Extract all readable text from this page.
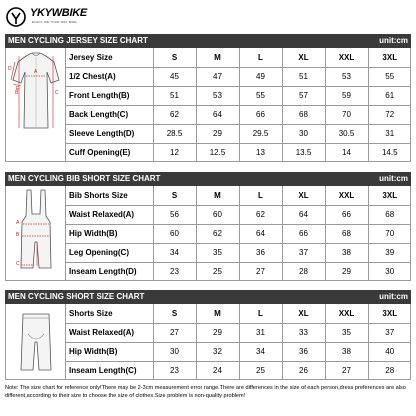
YKYWBIKE
ENJOY WE YOUR WAY RIDE
MEN CYCLING JERSEY SIZE CHART	unit:cm
A
B	C
D
E
Jersey Size	S	M	L	XL	XXL	3XL
1/2 Chest(A)	45	47	49	51	53	55
Front Length(B)	51	53	55	57	59	61
Back Length(C)	62	64	66	68	70	72
Sleeve Length(D)	28.5	29	29.5	30	30.5	31
Cuff Opening(E)	12	12.5	13	13.5	14	14.5
MEN CYCLING BIB SHORT SIZE CHART	unit:cm
A
B
C
Bib Shorts Size	S	M	L	XL	XXL	3XL
Waist Relaxed(A)	56	60	62	64	66	68
Hip Width(B)	60	62	64	66	68	70
Leg Opening(C)	34	35	36	37	38	39
Inseam Length(D)	23	25	27	28	29	30
MEN CYCLING SHORT SIZE CHART	unit:cm
Shorts Size	S	M	L	XL	XXL	3XL
Waist Relaxed(A)	27	29	31	33	35	37
Hip Width(B)	30	32	34	36	38	40
Inseam Length(C)	23	24	25	26	27	28
Note: The size chart for reference only!There may be 2-3cm measurement error range.There are differences in the size of each person,dress preferences are also different,according to their size to choose the size of clothes.Size problem is non-quality problem!
